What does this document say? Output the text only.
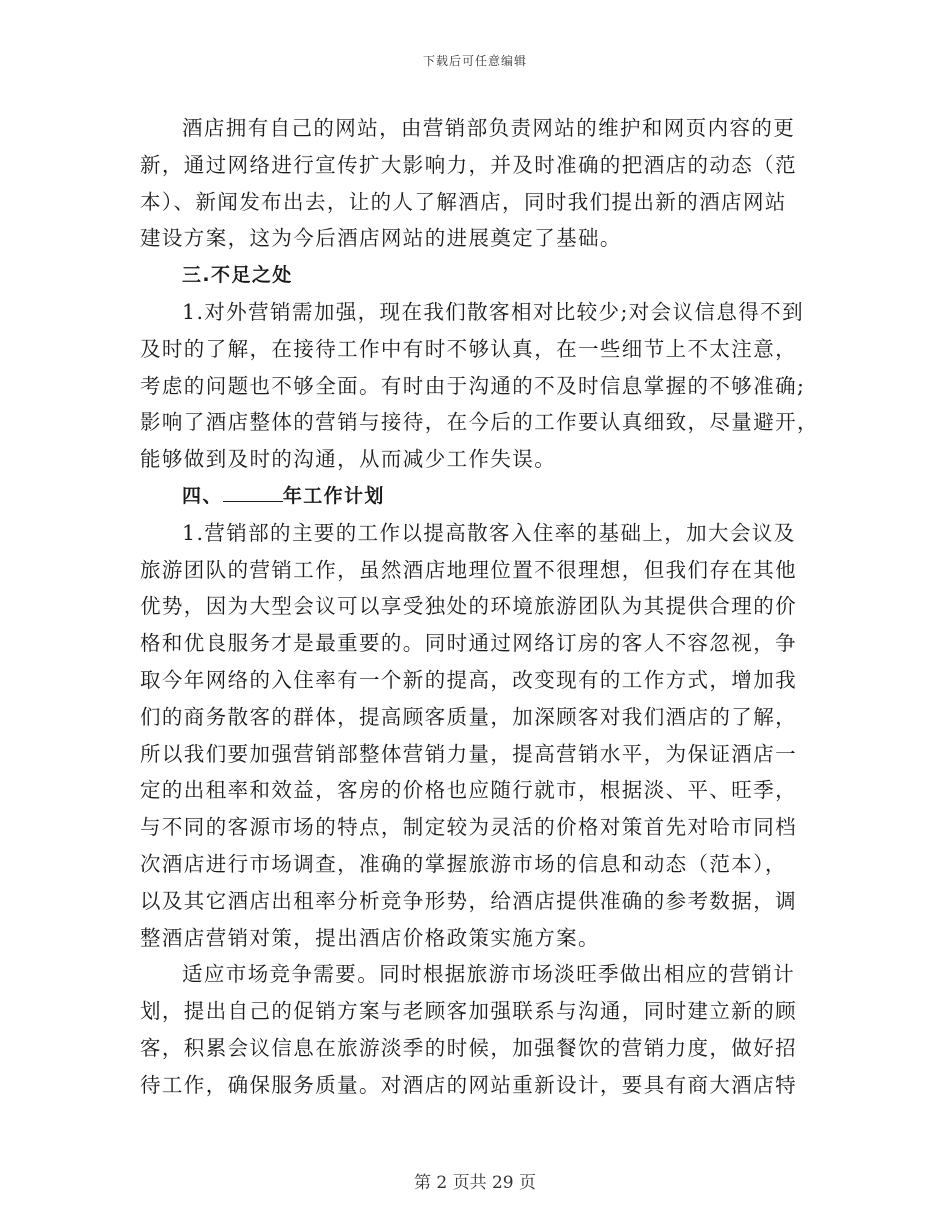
下载后可任意编辑

酒店拥有自己的网站，由营销部负责网站的维护和网页内容的更
新，通过网络进行宣传扩大影响力，并及时准确的把酒店的动态（范
本）、新闻发布出去，让的人了解酒店，同时我们提出新的酒店网站
建设方案，这为今后酒店网站的进展奠定了基础。

三.不足之处

1.对外营销需加强，现在我们散客相对比较少;对会议信息得不到
及时的了解，在接待工作中有时不够认真，在一些细节上不太注意，
考虑的问题也不够全面。有时由于沟通的不及时信息掌握的不够准确;
影响了酒店整体的营销与接待，在今后的工作要认真细致，尽量避开，
能够做到及时的沟通，从而减少工作失误。

四、	年工作计划

1.营销部的主要的工作以提高散客入住率的基础上，加大会议及
旅游团队的营销工作，虽然酒店地理位置不很理想，但我们存在其他
优势，因为大型会议可以享受独处的环境旅游团队为其提供合理的价
格和优良服务才是最重要的。同时通过网络订房的客人不容忽视，争
取今年网络的入住率有一个新的提高，改变现有的工作方式，增加我
们的商务散客的群体，提高顾客质量，加深顾客对我们酒店的了解，
所以我们要加强营销部整体营销力量，提高营销水平，为保证酒店一
定的出租率和效益，客房的价格也应随行就市，根据淡、平、旺季，
与不同的客源市场的特点，制定较为灵活的价格对策首先对哈市同档
次酒店进行市场调查，准确的掌握旅游市场的信息和动态（范本），
以及其它酒店出租率分析竞争形势，给酒店提供准确的参考数据，调
整酒店营销对策，提出酒店价格政策实施方案。

适应市场竞争需要。同时根据旅游市场淡旺季做出相应的营销计
划，提出自己的促销方案与老顾客加强联系与沟通，同时建立新的顾
客，积累会议信息在旅游淡季的时候，加强餐饮的营销力度，做好招
待工作，确保服务质量。对酒店的网站重新设计，要具有商大酒店特

第 2 页共 29 页
